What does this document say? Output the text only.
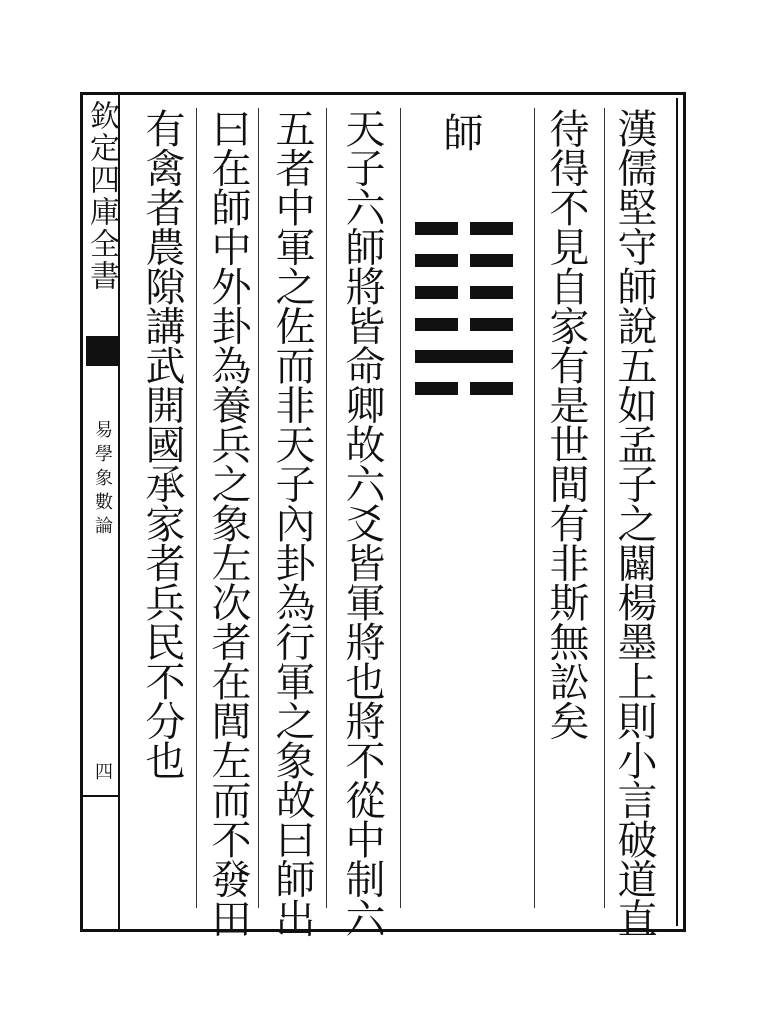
欽定四庫全書
易學象數論
四	漢儒堅守師說五如孟子之闢楊墨上則小言破道直
待得不見自家有是世間有非斯無訟矣
師
天子六師將皆命卿故六爻皆軍將也將不從中制六
五者中軍之佐而非天子內卦為行軍之象故曰師出
曰在師中外卦為養兵之象左次者在閭左而不發田
有禽者農隙講武開國承家者兵民不分也
